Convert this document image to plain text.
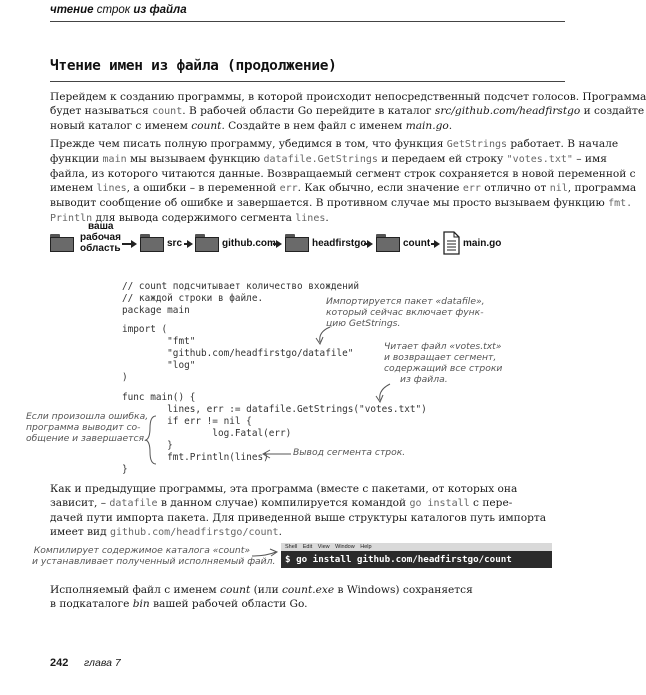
чтение строк из файла
Чтение имен из файла (продолжение)
Перейдем к созданию программы, в которой происходит непосредственный подсчет голосов. Программа
будет называться count. В рабочей области Go перейдите в каталог src/github.com/headfirstgo и создайте
новый каталог с именем count. Создайте в нем файл с именем main.go.
Прежде чем писать полную программу, убедимся в том, что функция GetStrings работает. В начале
функции main мы вызываем функцию datafile.GetStrings и передаем ей строку "votes.txt" – имя
файла, из которого читаются данные. Возвращаемый сегмент строк сохраняется в новой переменной с
именем lines, а ошибки – в переменной err. Как обычно, если значение err отлично от nil, программа
выводит сообщение об ошибке и завершается. В противном случае мы просто вызываем функцию fmt.
Println для вывода содержимого сегмента lines.
ваша
рабочая
область	src	github.com	headfirstgo	count	main.go
// count подсчитывает количество вхождений
// каждой строки в файле.
package main
import (
"fmt"
"github.com/headfirstgo/datafile"
"log"
)
func main() {
lines, err := datafile.GetStrings("votes.txt")
if err != nil {
log.Fatal(err)
}
fmt.Println(lines)
}
Импортируется пакет «datafile»,
который сейчас включает функ-
цию GetStrings.
Читает файл «votes.txt»
и возвращает сегмент,
содержащий все строки
из файла.
Если произошла ошибка,
программа выводит со-
общение и завершается.
Вывод сегмента строк.
Как и предыдущие программы, эта программа (вместе с пакетами, от которых она
зависит, – datafile в данном случае) компилируется командой go install с пере-
дачей пути импорта пакета. Для приведенной выше структуры каталогов путь импорта
имеет вид github.com/headfirstgo/count.
Компилирует содержимое каталога «count»
и устанавливает полученный исполняемый файл.
Shell Edit View Window Help
$ go install github.com/headfirstgo/count
Исполняемый файл с именем count (или count.exe в Windows) сохраняется
в подкаталоге bin вашей рабочей области Go.
242 глава 7
